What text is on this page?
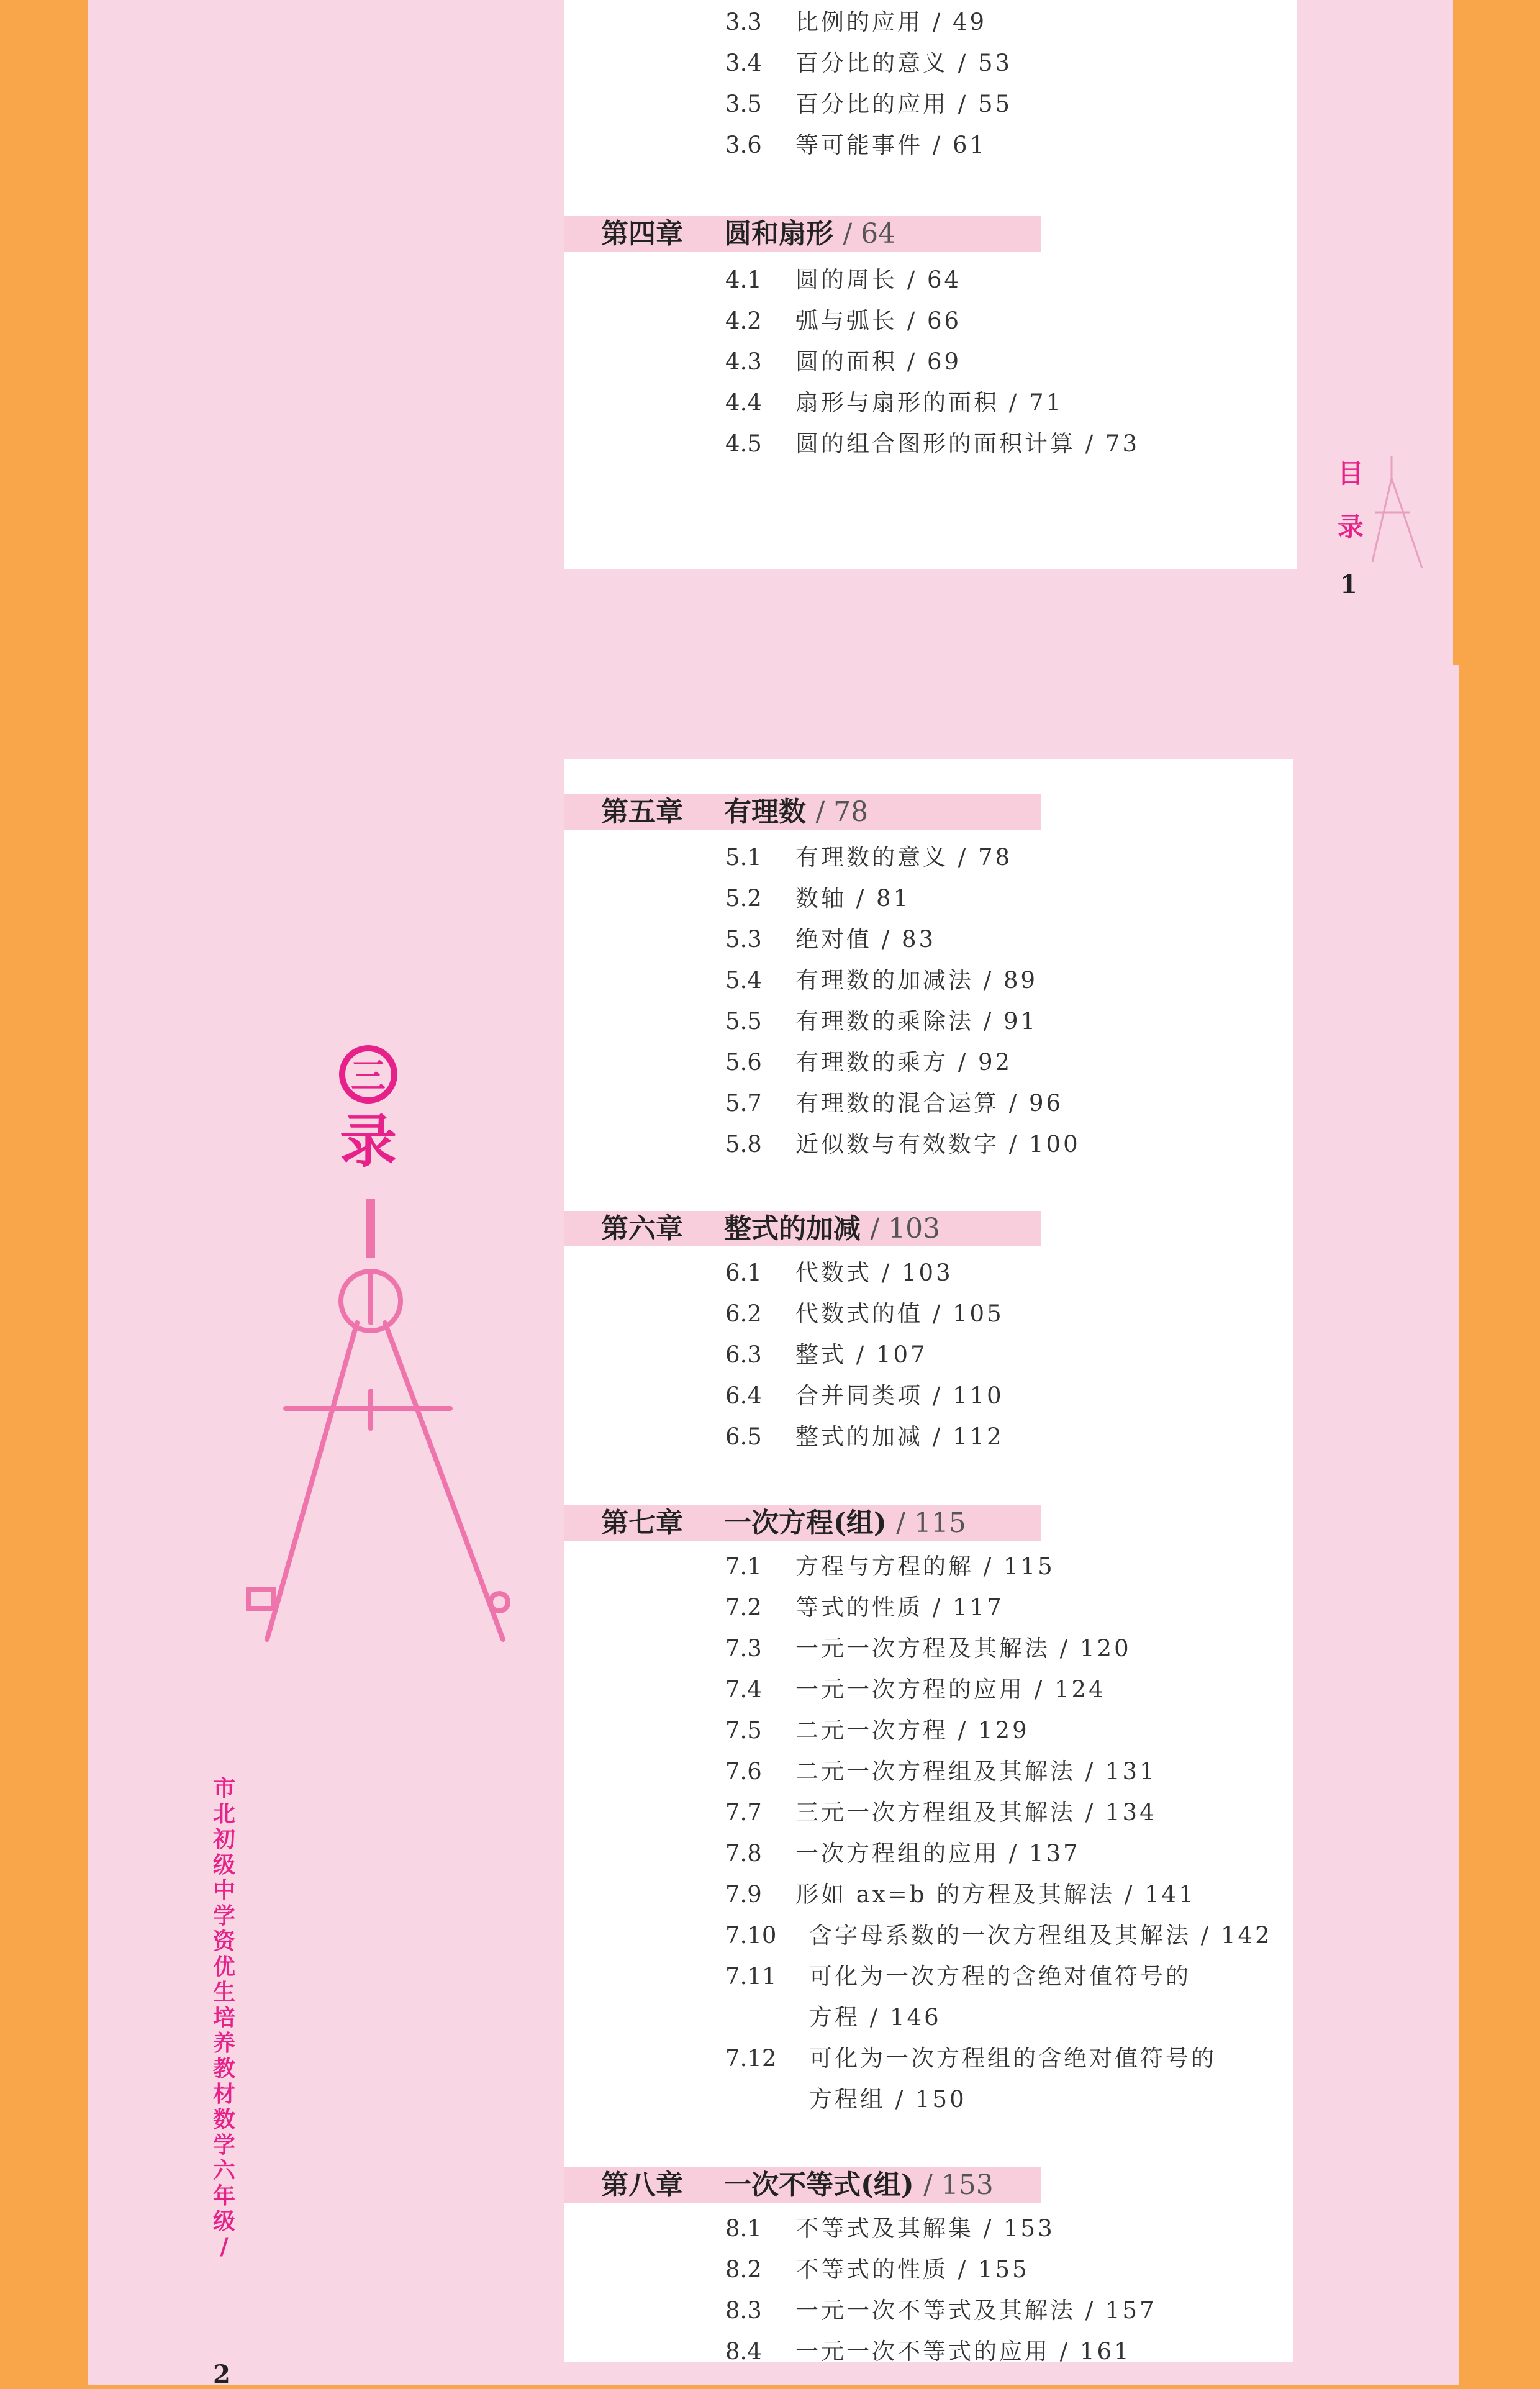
3.3 比例的应用 / 49
3.4 百分比的意义 / 53
3.5 百分比的应用 / 55
3.6 等可能事件 / 61
第四章 圆和扇形 / 64
4.1 圆的周长 / 64
4.2 弧与弧长 / 66
4.3 圆的面积 / 69
4.4 扇形与扇形的面积 / 71
4.5 圆的组合图形的面积计算 / 73
目
录
1
三
录
市北初级中学资优生培养教材 数学 六年级 /
2
第五章 有理数 / 78
5.1 有理数的意义 / 78
5.2 数轴 / 81
5.3 绝对值 / 83
5.4 有理数的加减法 / 89
5.5 有理数的乘除法 / 91
5.6 有理数的乘方 / 92
5.7 有理数的混合运算 / 96
5.8 近似数与有效数字 / 100
第六章 整式的加减 / 103
6.1 代数式 / 103
6.2 代数式的值 / 105
6.3 整式 / 107
6.4 合并同类项 / 110
6.5 整式的加减 / 112
第七章 一次方程(组) / 115
7.1 方程与方程的解 / 115
7.2 等式的性质 / 117
7.3 一元一次方程及其解法 / 120
7.4 一元一次方程的应用 / 124
7.5 二元一次方程 / 129
7.6 二元一次方程组及其解法 / 131
7.7 三元一次方程组及其解法 / 134
7.8 一次方程组的应用 / 137
7.9 形如 ax=b 的方程及其解法 / 141
7.10 含字母系数的一次方程组及其解法 / 142
7.11 可化为一次方程的含绝对值符号的
方程 / 146
7.12 可化为一次方程组的含绝对值符号的
方程组 / 150
第八章 一次不等式(组) / 153
8.1 不等式及其解集 / 153
8.2 不等式的性质 / 155
8.3 一元一次不等式及其解法 / 157
8.4 一元一次不等式的应用 / 161
